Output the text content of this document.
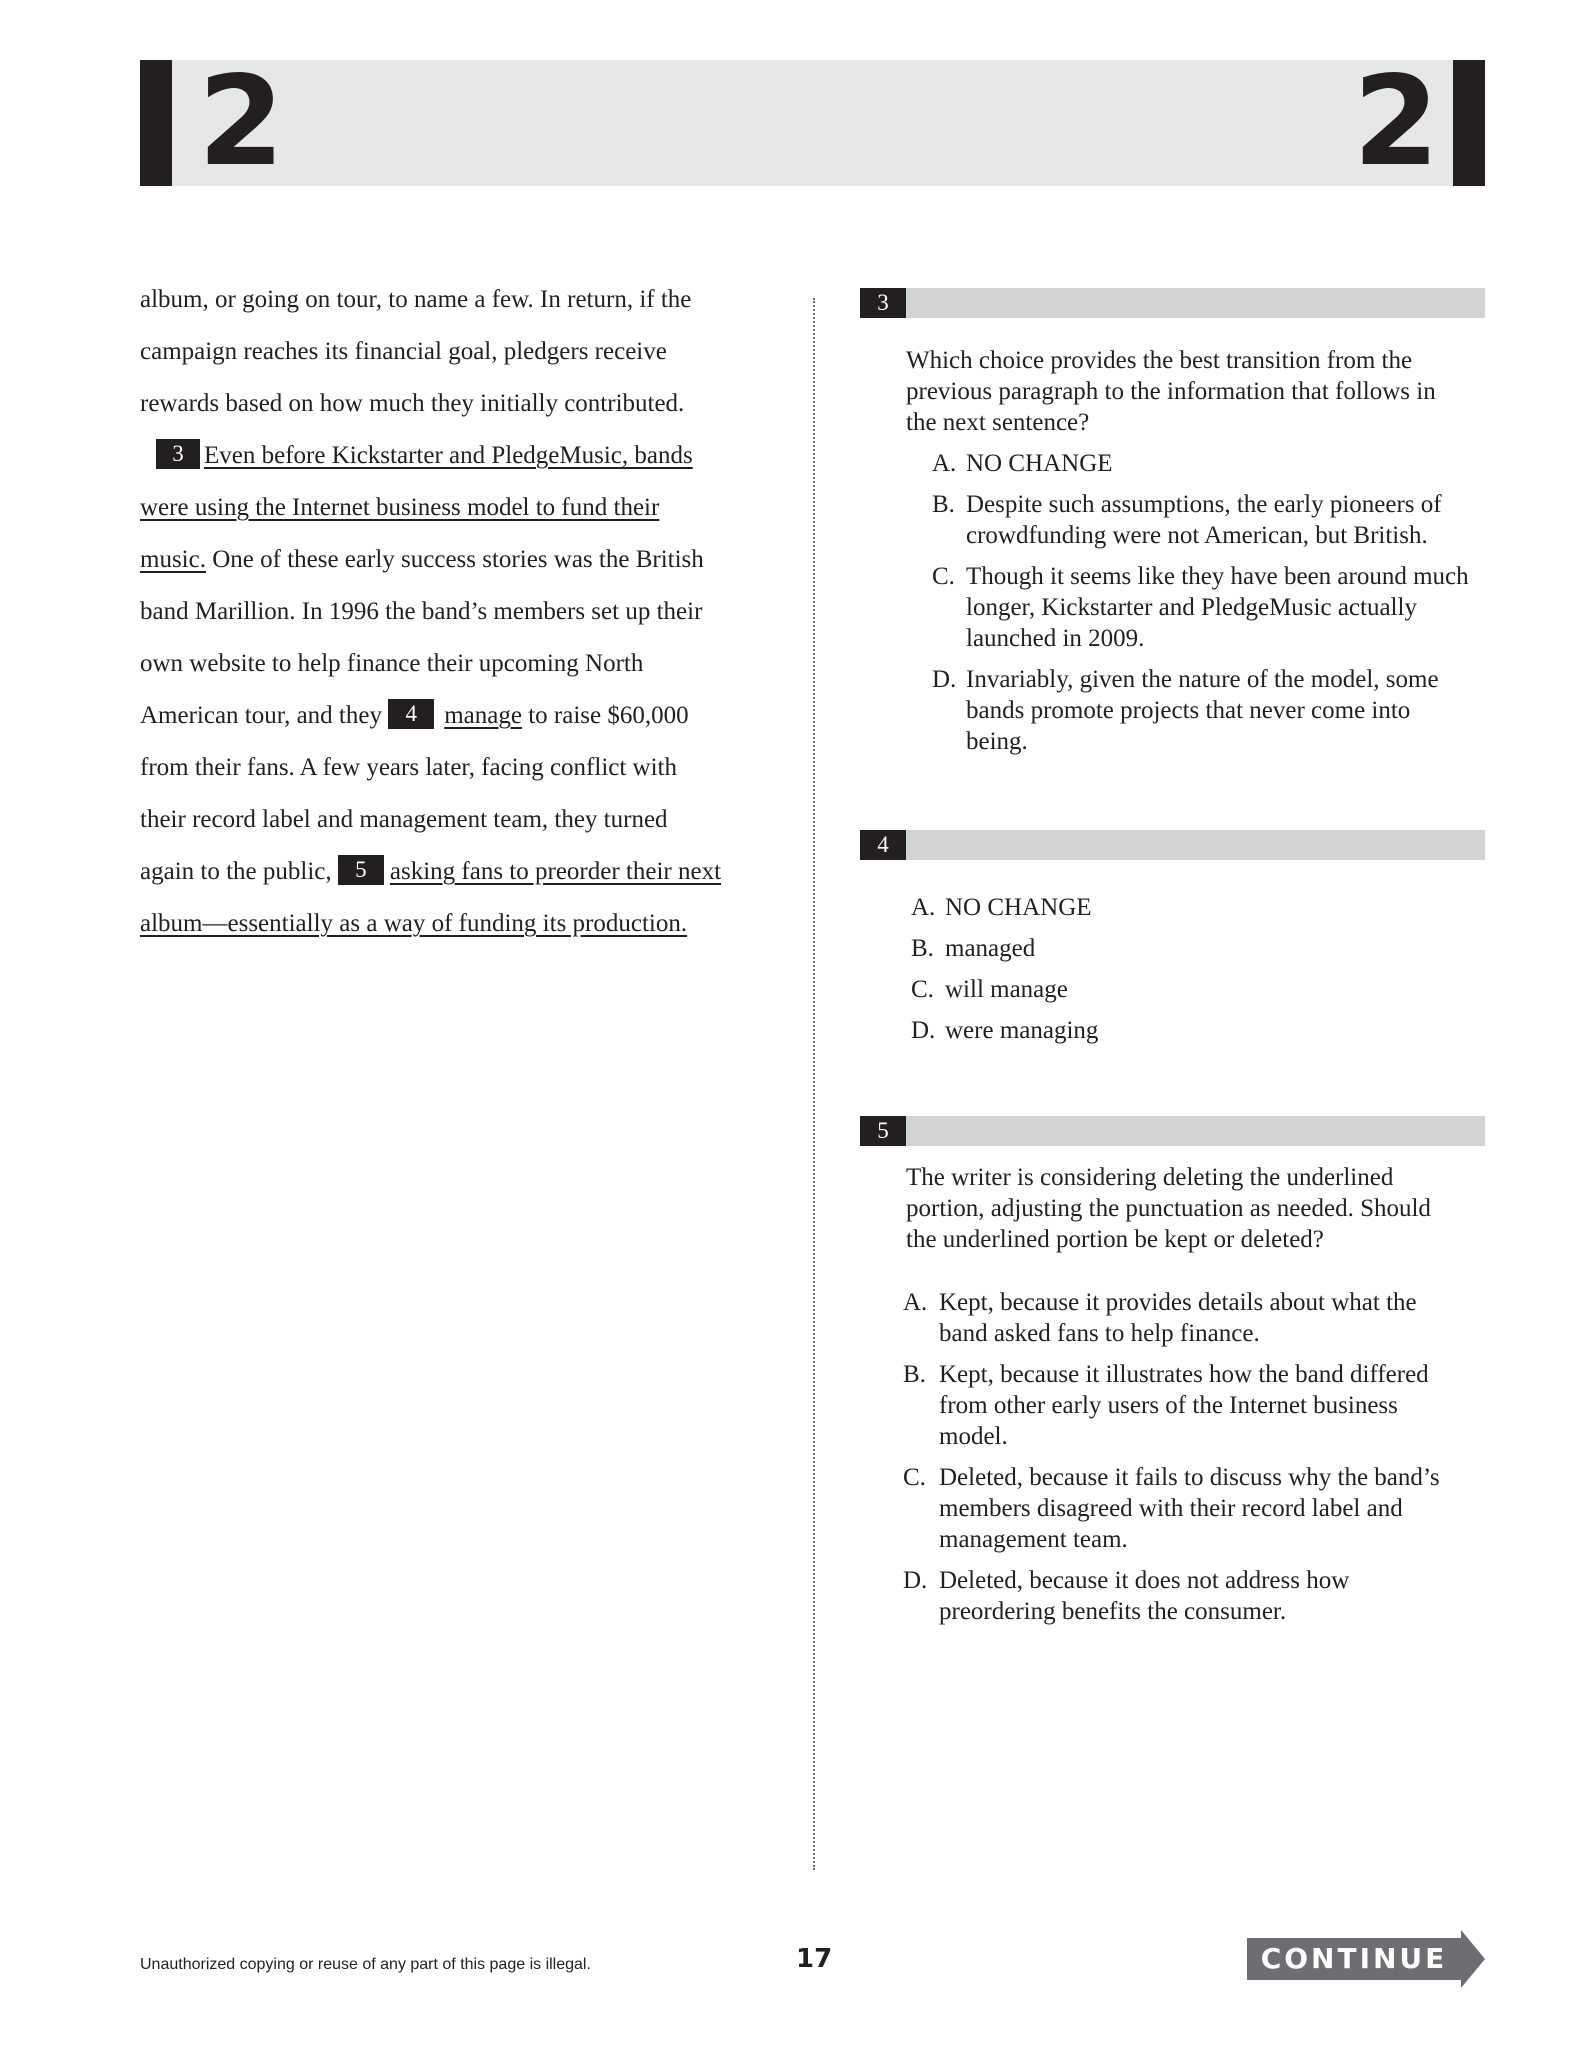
2	2
album, or going on tour, to name a few. In return, if the
campaign reaches its financial goal, pledgers receive
rewards based on how much they initially contributed.
3 Even before Kickstarter and PledgeMusic, bands
were using the Internet business model to fund their
music. One of these early success stories was the British
band Marillion. In 1996 the band’s members set up their
own website to help finance their upcoming North
American tour, and they 4 manage to raise $60,000
from their fans. A few years later, facing conflict with
their record label and management team, they turned
again to the public, 5 asking fans to preorder their next
album—essentially as a way of funding its production.
3
Which choice provides the best transition from the previous paragraph to the information that follows in the next sentence?
A. NO CHANGE
B. Despite such assumptions, the early pioneers of crowdfunding were not American, but British.
C. Though it seems like they have been around much longer, Kickstarter and PledgeMusic actually launched in 2009.
D. Invariably, given the nature of the model, some bands promote projects that never come into being.
4
A. NO CHANGE
B. managed
C. will manage
D. were managing
5
The writer is considering deleting the underlined portion, adjusting the punctuation as needed. Should the underlined portion be kept or deleted?
A. Kept, because it provides details about what the band asked fans to help finance.
B. Kept, because it illustrates how the band differed from other early users of the Internet business model.
C. Deleted, because it fails to discuss why the band’s members disagreed with their record label and management team.
D. Deleted, because it does not address how preordering benefits the consumer.
Unauthorized copying or reuse of any part of this page is illegal.	17	CONTINUE
